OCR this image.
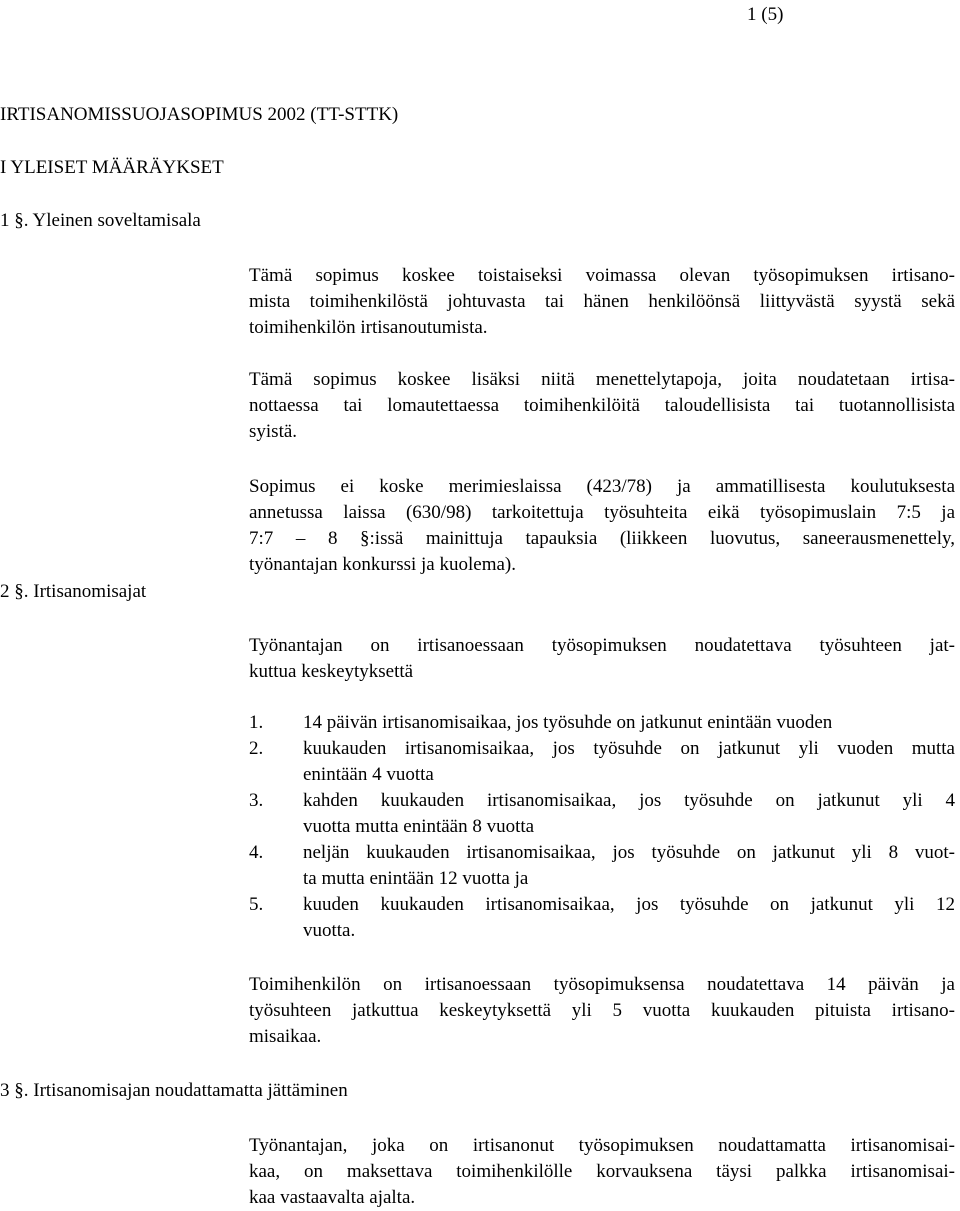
1 (5)
IRTISANOMISSUOJASOPIMUS 2002 (TT-STTK)
I YLEISET MÄÄRÄYKSET
1 §. Yleinen soveltamisala

Tämä sopimus koskee toistaiseksi voimassa olevan työsopimuksen irtisano-
mista toimihenkilöstä johtuvasta tai hänen henkilöönsä liittyvästä syystä sekä
toimihenkilön irtisanoutumista.

Tämä sopimus koskee lisäksi niitä menettelytapoja, joita noudatetaan irtisa-
nottaessa tai lomautettaessa toimihenkilöitä taloudellisista tai tuotannollisista
syistä.

Sopimus ei koske merimieslaissa (423/78) ja ammatillisesta koulutuksesta
annetussa laissa (630/98) tarkoitettuja työsuhteita eikä työsopimuslain 7:5 ja
7:7 – 8 §:issä mainittuja tapauksia (liikkeen luovutus, saneerausmenettely,
työnantajan konkurssi ja kuolema).

2 §. Irtisanomisajat

Työnantajan on irtisanoessaan työsopimuksen noudatettava työsuhteen jat-
kuttua keskeytyksettä

1. 14 päivän irtisanomisaikaa, jos työsuhde on jatkunut enintään vuoden
2. kuukauden irtisanomisaikaa, jos työsuhde on jatkunut yli vuoden mutta
enintään 4 vuotta
3. kahden kuukauden irtisanomisaikaa, jos työsuhde on jatkunut yli 4
vuotta mutta enintään 8 vuotta
4. neljän kuukauden irtisanomisaikaa, jos työsuhde on jatkunut yli 8 vuot-
ta mutta enintään 12 vuotta ja
5. kuuden kuukauden irtisanomisaikaa, jos työsuhde on jatkunut yli 12
vuotta.

Toimihenkilön on irtisanoessaan työsopimuksensa noudatettava 14 päivän ja
työsuhteen jatkuttua keskeytyksettä yli 5 vuotta kuukauden pituista irtisano-
misaikaa.

3 §. Irtisanomisajan noudattamatta jättäminen

Työnantajan, joka on irtisanonut työsopimuksen noudattamatta irtisanomisai-
kaa, on maksettava toimihenkilölle korvauksena täysi palkka irtisanomisai-
kaa vastaavalta ajalta.
